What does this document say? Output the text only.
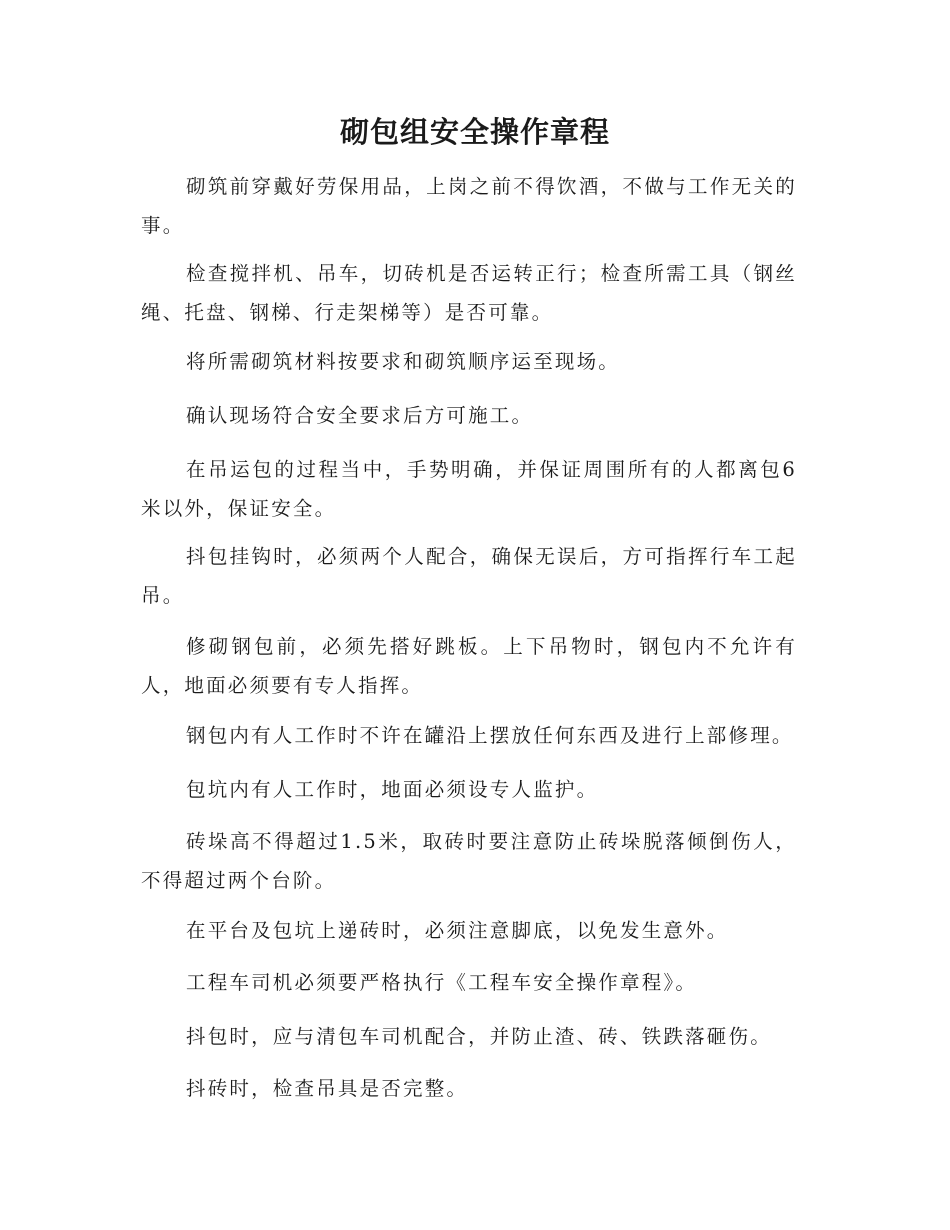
砌包组安全操作章程

砌筑前穿戴好劳保用品，上岗之前不得饮酒，不做与工作无关的事。

检查搅拌机、吊车，切砖机是否运转正行；检查所需工具（钢丝绳、托盘、钢梯、行走架梯等）是否可靠。

将所需砌筑材料按要求和砌筑顺序运至现场。

确认现场符合安全要求后方可施工。

在吊运包的过程当中，手势明确，并保证周围所有的人都离包6米以外，保证安全。

抖包挂钩时，必须两个人配合，确保无误后，方可指挥行车工起吊。

修砌钢包前，必须先搭好跳板。上下吊物时，钢包内不允许有人，地面必须要有专人指挥。

钢包内有人工作时不许在罐沿上摆放任何东西及进行上部修理。

包坑内有人工作时，地面必须设专人监护。

砖垛高不得超过1.5米，取砖时要注意防止砖垛脱落倾倒伤人，不得超过两个台阶。

在平台及包坑上递砖时，必须注意脚底，以免发生意外。

工程车司机必须要严格执行《工程车安全操作章程》。

抖包时，应与清包车司机配合，并防止渣、砖、铁跌落砸伤。

抖砖时，检查吊具是否完整。
